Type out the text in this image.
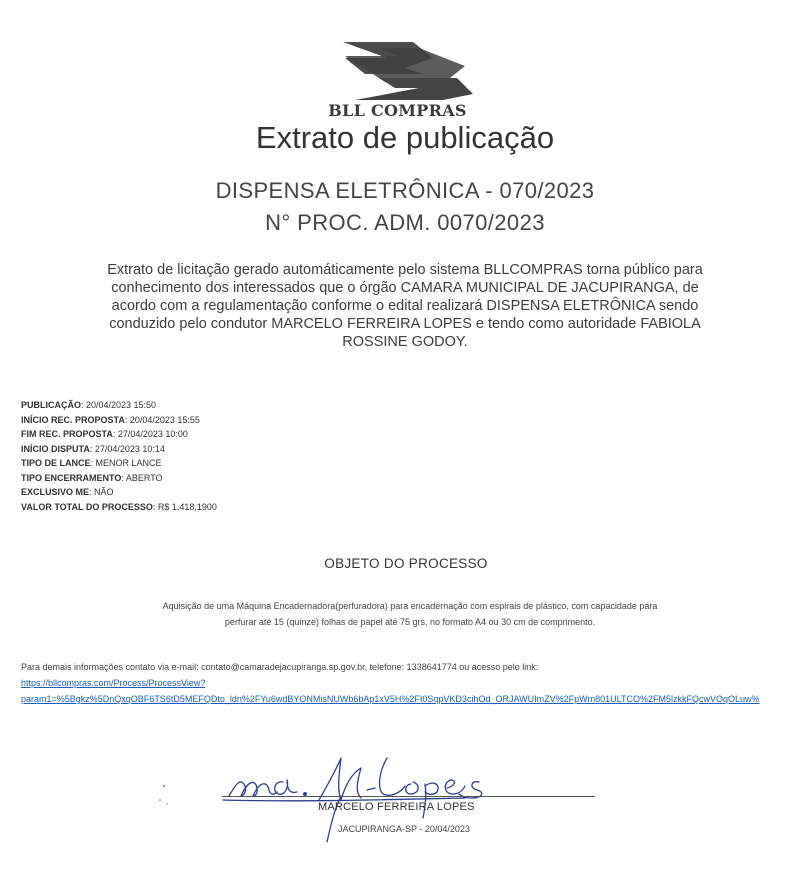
BLL COMPRAS
Extrato de publicação
DISPENSA ELETRÔNICA - 070/2023
N° PROC. ADM. 0070/2023
Extrato de licitação gerado automáticamente pelo sistema BLLCOMPRAS torna público para conhecimento dos interessados que o órgão CAMARA MUNICIPAL DE JACUPIRANGA, de acordo com a regulamentação conforme o edital realizará DISPENSA ELETRÔNICA sendo conduzido pelo condutor MARCELO FERREIRA LOPES e tendo como autoridade FABIOLA ROSSINE GODOY.
PUBLICAÇÃO: 20/04/2023 15:50
INÍCIO REC. PROPOSTA: 20/04/2023 15:55
FIM REC. PROPOSTA: 27/04/2023 10:00
INÍCIO DISPUTA: 27/04/2023 10:14
TIPO DE LANCE: MENOR LANCE
TIPO ENCERRAMENTO: ABERTO
EXCLUSIVO ME: NÃO
VALOR TOTAL DO PROCESSO: R$ 1.418,1900
OBJETO DO PROCESSO
Aquisição de uma Máquina Encadernadora(perfuradora) para encadernação com espirais de plástico, com capacidade para
perfurar até 15 (quinze) folhas de papel até 75 grs, no formato A4 ou 30 cm de comprimento.
Para demais informações contato via e-mail: contato@camaradejacupiranga.sp.gov.br, telefone: 1338641774 ou acesso pelo link:
https://bllcompras.com/Process/ProcessView?
param1=%5Bgkz%5DnQxqOBF6TS6tD5MEFQDto_ldn%2FYu6wdBYONMisNUWb6bAp1xV5H%2FI0SqpVKD3cihOd_ORJAWUImZV%2FpWm801ULTCO%2FM5lzkkFQcwVOqOLuw%
MARCELO FERREIRA LOPES
JACUPIRANGA-SP - 20/04/2023
